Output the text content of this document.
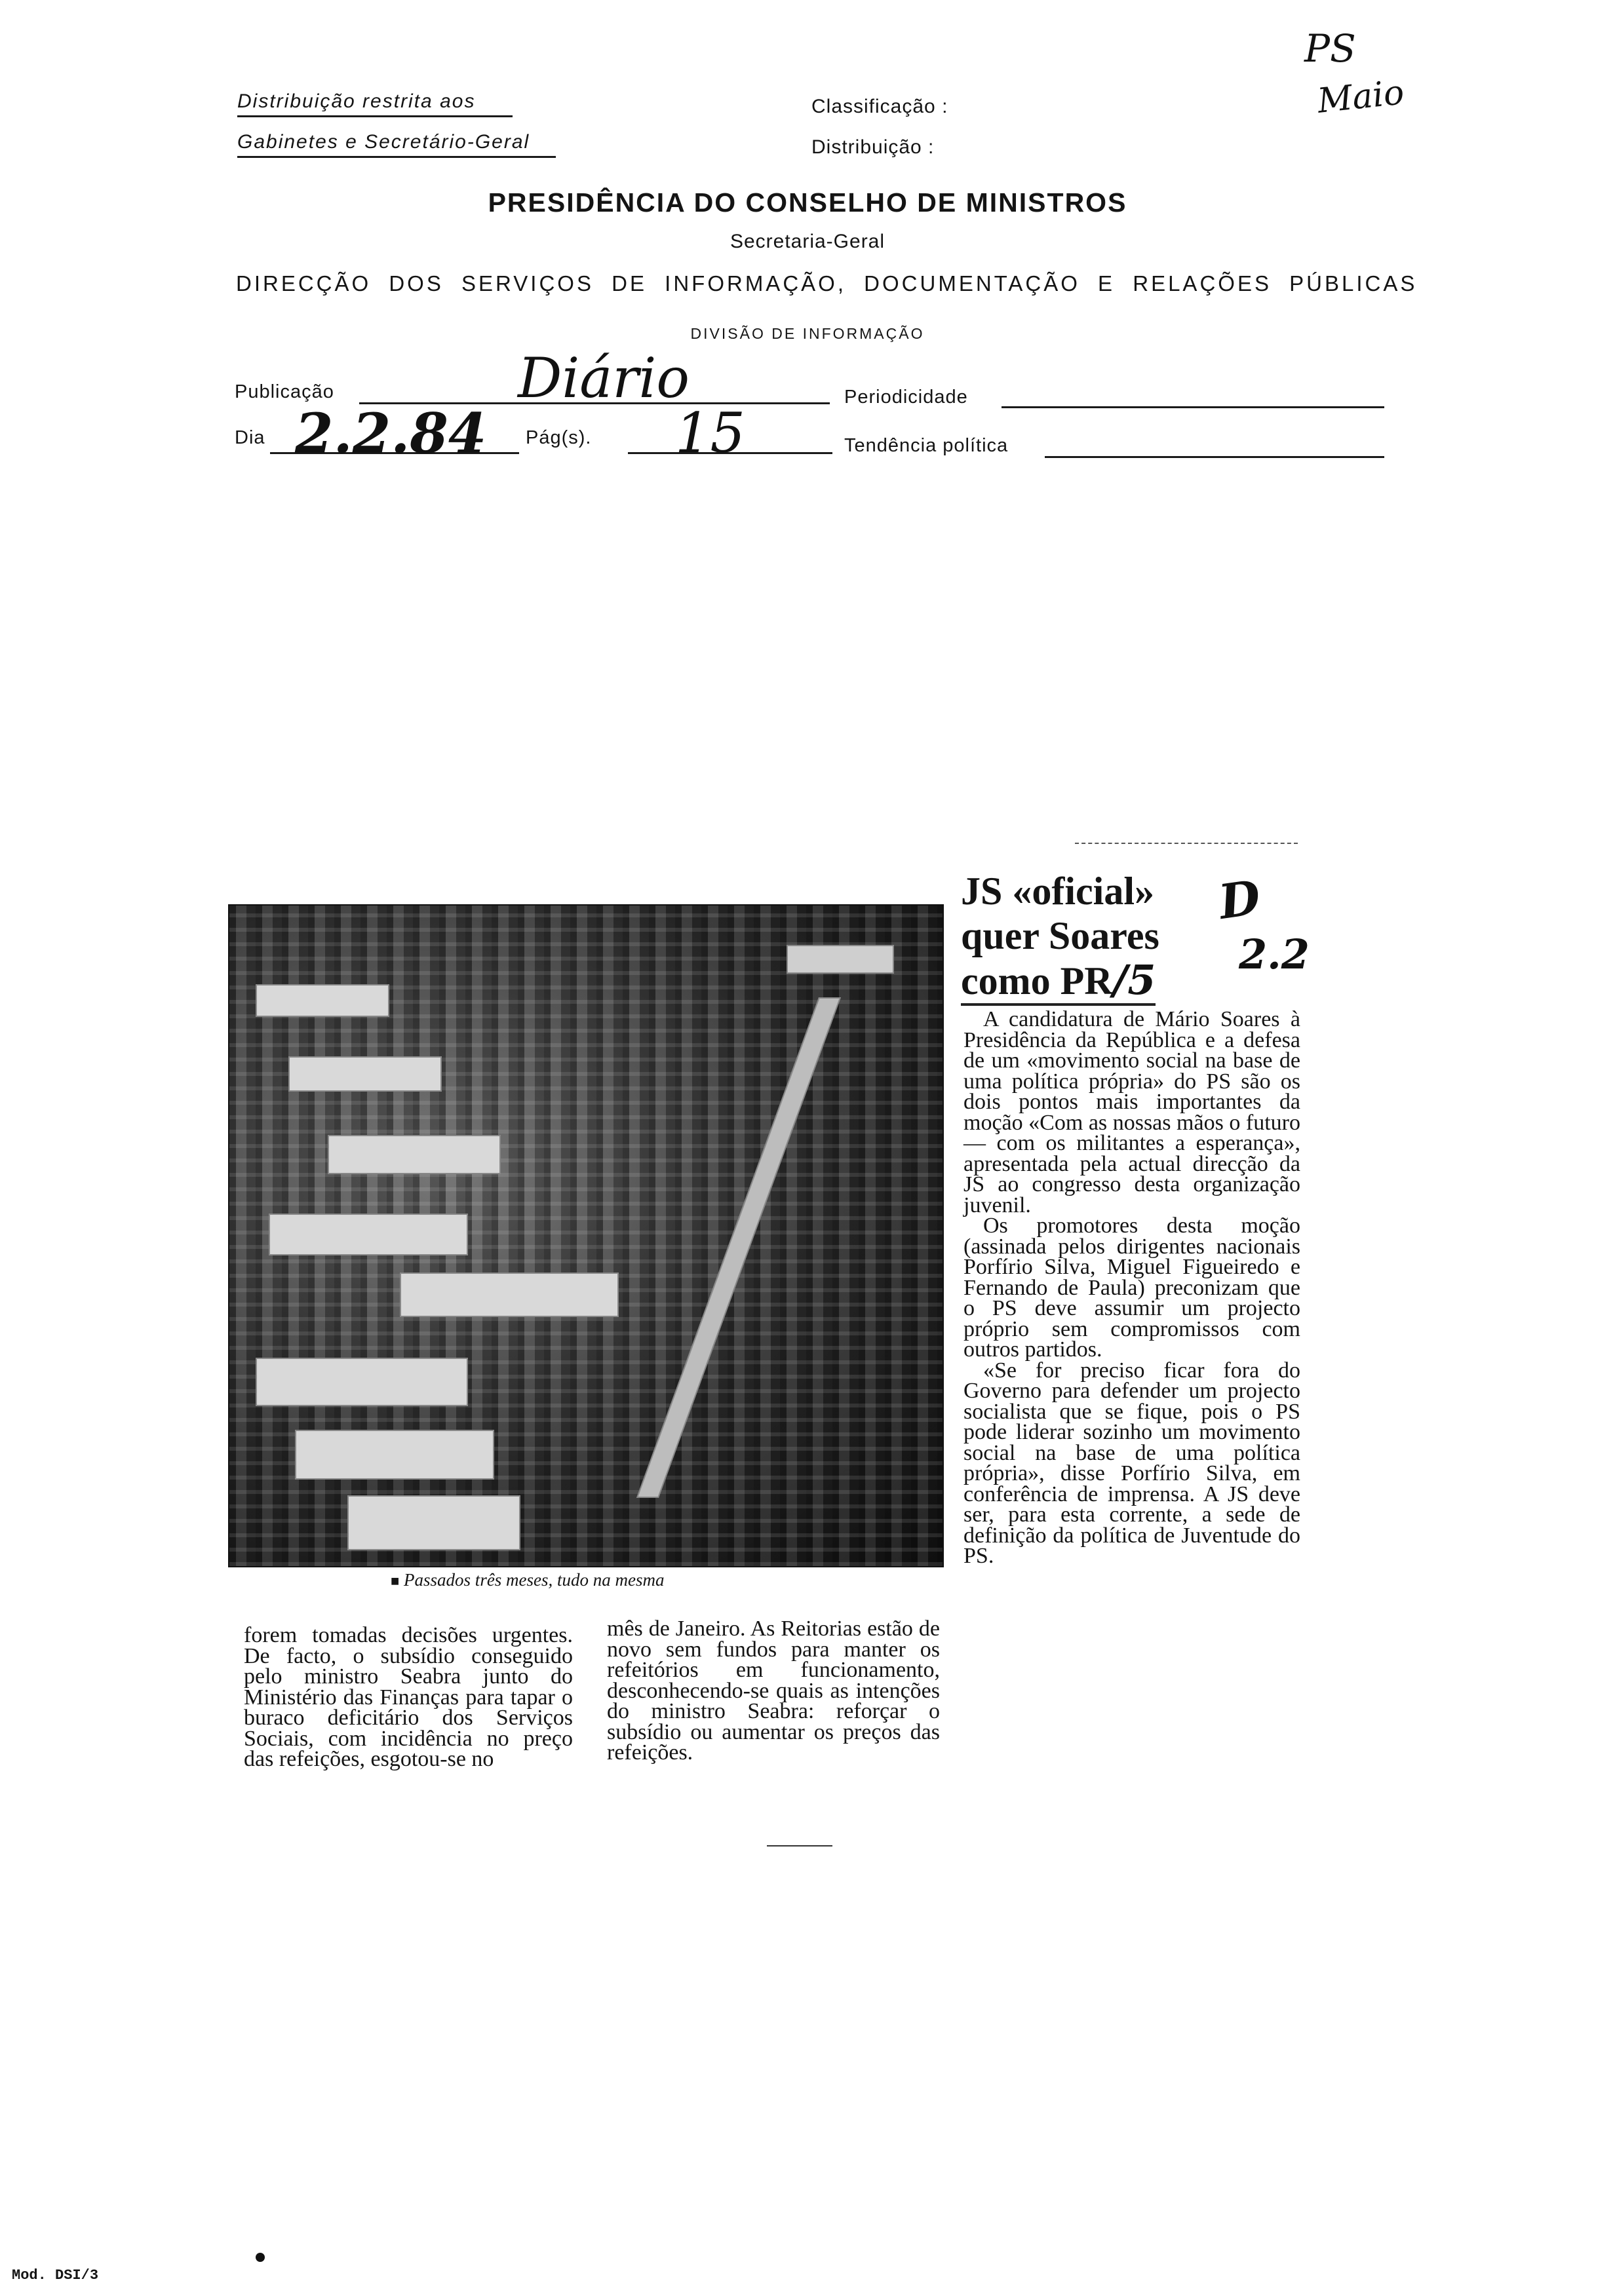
Distribuição restrita aos
Gabinetes e Secretário-Geral
Classificação :
Distribuição :
PS
Maio
PRESIDÊNCIA DO CONSELHO DE MINISTROS
Secretaria-Geral
DIRECÇÃO DOS SERVIÇOS DE INFORMAÇÃO, DOCUMENTAÇÃO E RELAÇÕES PÚBLICAS
DIVISÃO DE INFORMAÇÃO
Publicação	Diário	Periodicidade
Dia 2.2.84 Pág(s). 15	Tendência política
■ Passados três meses, tudo na mesma

forem tomadas decisões urgentes. De facto, o subsídio conseguido pelo ministro Seabra junto do Ministério das Finanças para tapar o buraco deficitário dos Serviços Sociais, com incidência no preço das refeições, esgotou-se no

mês de Janeiro. As Reitorias estão de novo sem fundos para manter os refeitórios em funcionamento, desconhecendo-se quais as intenções do ministro Seabra: reforçar o subsídio ou aumentar os preços das refeições.

JS «oficial»
quer Soares
como PR/5
D
2.2

A candidatura de Mário Soares à Presidência da República e a defesa de um «movimento social na base de uma política própria» do PS são os dois pontos mais importantes da moção «Com as nossas mãos o futuro — com os militantes a esperança», apresentada pela actual direcção da JS ao congresso desta organização juvenil.

Os promotores desta moção (assinada pelos dirigentes nacionais Porfírio Silva, Miguel Figueiredo e Fernando de Paula) preconizam que o PS deve assumir um projecto próprio sem compromissos com outros partidos.

«Se for preciso ficar fora do Governo para defender um projecto socialista que se fique, pois o PS pode liderar sozinho um movimento social na base de uma política própria», disse Porfírio Silva, em conferência de imprensa. A JS deve ser, para esta corrente, a sede de definição da política de Juventude do PS.

Mod. DSI/3
